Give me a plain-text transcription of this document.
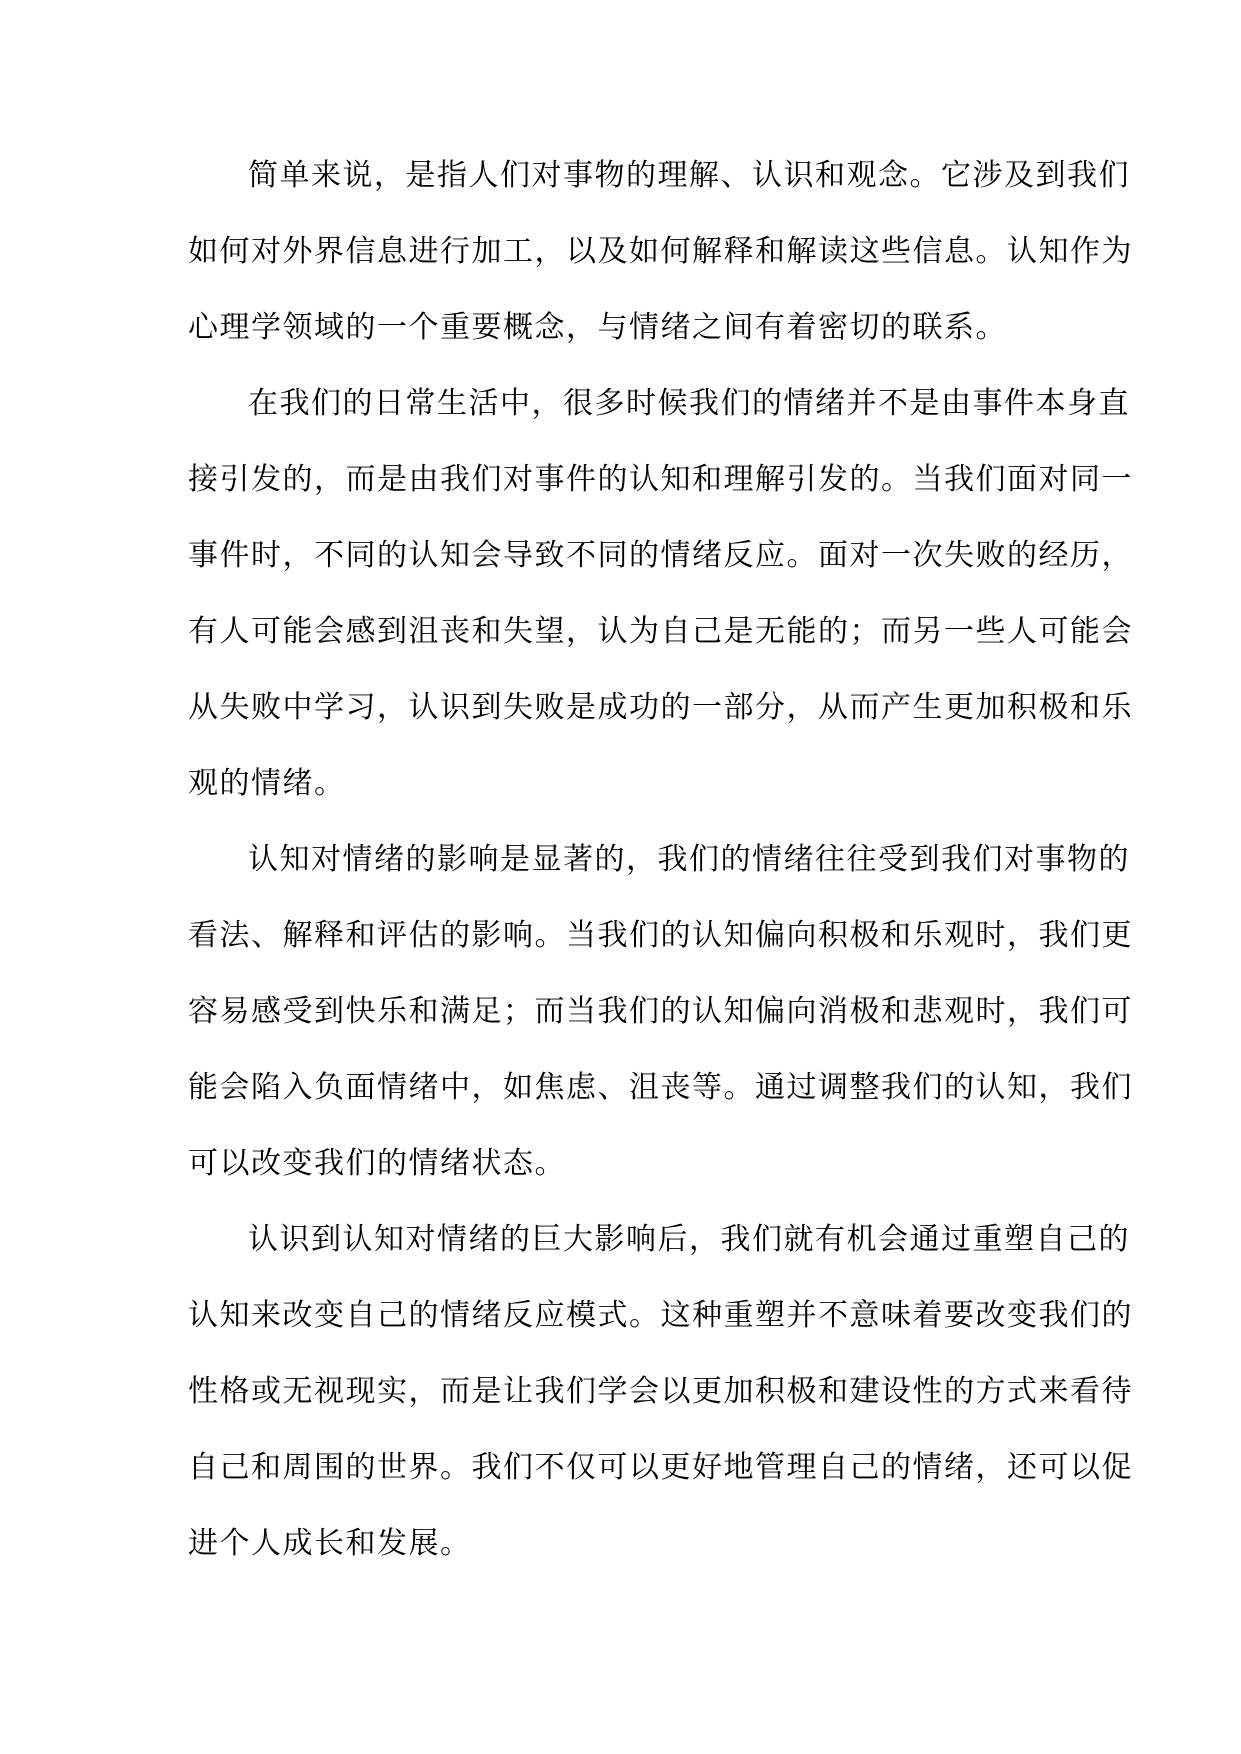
简单来说，是指人们对事物的理解、认识和观念。它涉及到我们
如何对外界信息进行加工，以及如何解释和解读这些信息。认知作为
心理学领域的一个重要概念，与情绪之间有着密切的联系。

在我们的日常生活中，很多时候我们的情绪并不是由事件本身直
接引发的，而是由我们对事件的认知和理解引发的。当我们面对同一
事件时，不同的认知会导致不同的情绪反应。面对一次失败的经历，
有人可能会感到沮丧和失望，认为自己是无能的；而另一些人可能会
从失败中学习，认识到失败是成功的一部分，从而产生更加积极和乐
观的情绪。

认知对情绪的影响是显著的，我们的情绪往往受到我们对事物的
看法、解释和评估的影响。当我们的认知偏向积极和乐观时，我们更
容易感受到快乐和满足；而当我们的认知偏向消极和悲观时，我们可
能会陷入负面情绪中，如焦虑、沮丧等。通过调整我们的认知，我们
可以改变我们的情绪状态。

认识到认知对情绪的巨大影响后，我们就有机会通过重塑自己的
认知来改变自己的情绪反应模式。这种重塑并不意味着要改变我们的
性格或无视现实，而是让我们学会以更加积极和建设性的方式来看待
自己和周围的世界。我们不仅可以更好地管理自己的情绪，还可以促
进个人成长和发展。
